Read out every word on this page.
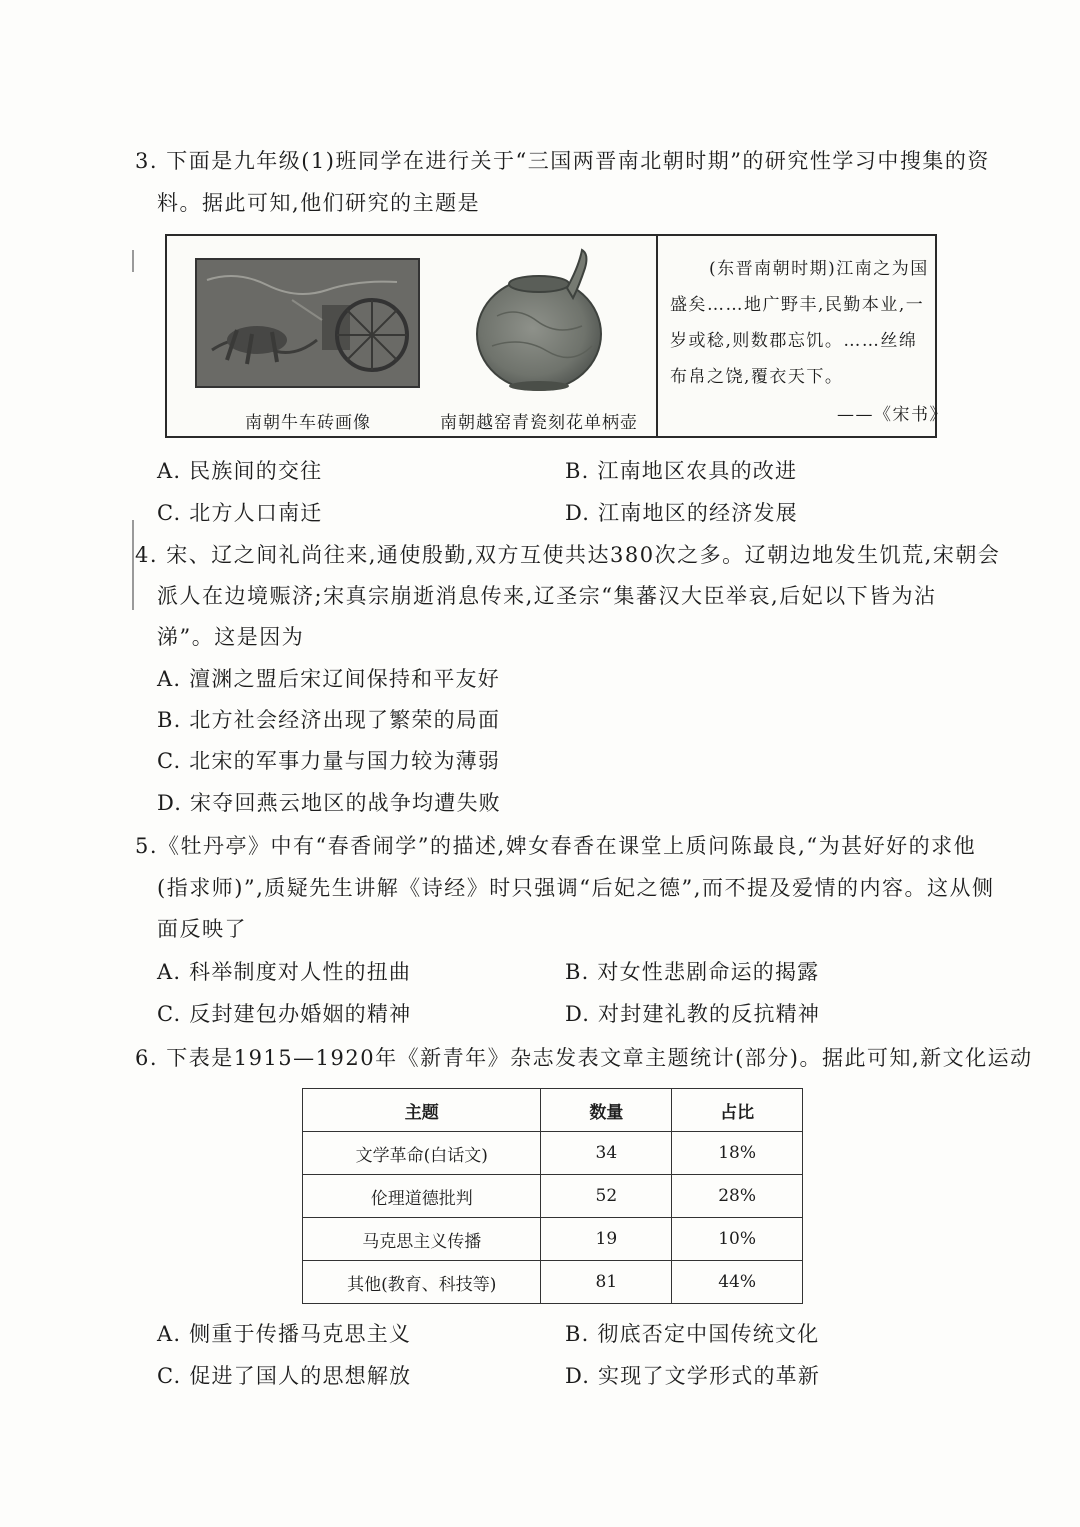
3. 下面是九年级(1)班同学在进行关于“三国两晋南北朝时期”的研究性学习中搜集的资
料。据此可知,他们研究的主题是
南朝牛车砖画像	南朝越窑青瓷刻花单柄壶
(东晋南朝时期)江南之为国
盛矣……地广野丰,民勤本业,一
岁或稔,则数郡忘饥。……丝绵
布帛之饶,覆衣天下。
——《宋书》
A. 民族间的交往	B. 江南地区农具的改进
C. 北方人口南迁	D. 江南地区的经济发展
4. 宋、辽之间礼尚往来,通使殷勤,双方互使共达380次之多。辽朝边地发生饥荒,宋朝会
派人在边境赈济;宋真宗崩逝消息传来,辽圣宗“集蕃汉大臣举哀,后妃以下皆为沾
涕”。这是因为
A. 澶渊之盟后宋辽间保持和平友好
B. 北方社会经济出现了繁荣的局面
C. 北宋的军事力量与国力较为薄弱
D. 宋夺回燕云地区的战争均遭失败
5.《牡丹亭》中有“春香闹学”的描述,婢女春香在课堂上质问陈最良,“为甚好好的求他
(指求师)”,质疑先生讲解《诗经》时只强调“后妃之德”,而不提及爱情的内容。这从侧
面反映了
A. 科举制度对人性的扭曲	B. 对女性悲剧命运的揭露
C. 反封建包办婚姻的精神	D. 对封建礼教的反抗精神
6. 下表是1915—1920年《新青年》杂志发表文章主题统计(部分)。据此可知,新文化运动
主题	数量	占比
文学革命(白话文)	34	18%
伦理道德批判	52	28%
马克思主义传播	19	10%
其他(教育、科技等)	81	44%
A. 侧重于传播马克思主义	B. 彻底否定中国传统文化
C. 促进了国人的思想解放	D. 实现了文学形式的革新
